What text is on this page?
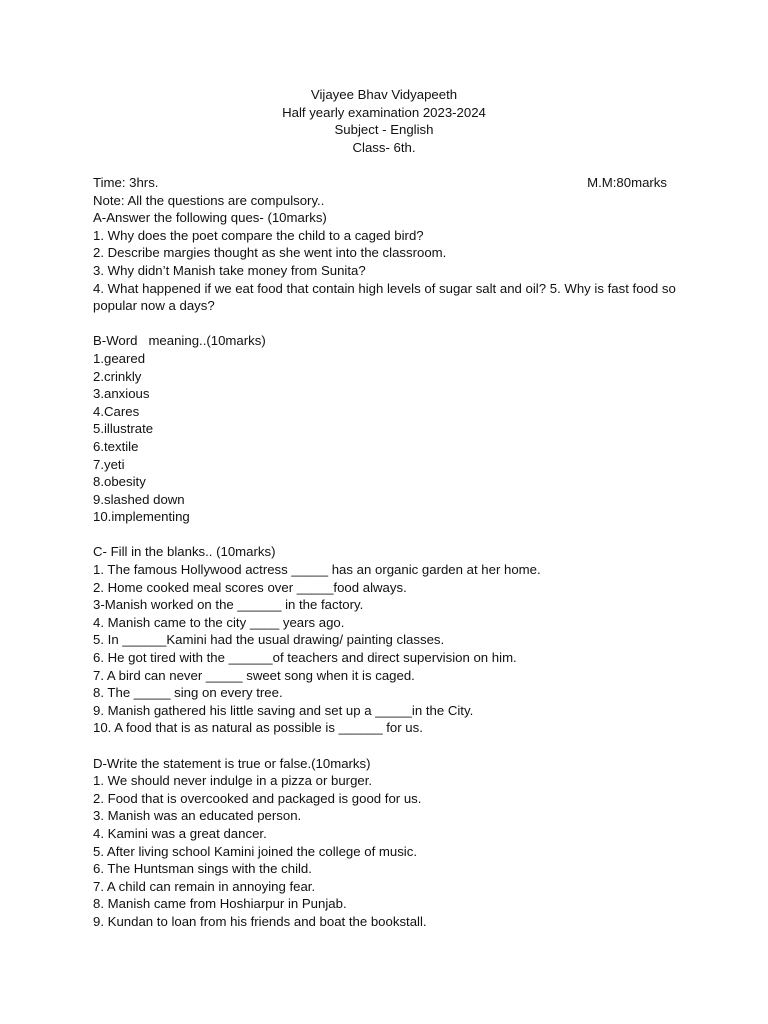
Vijayee Bhav Vidyapeeth
Half yearly examination 2023-2024
Subject - English
Class- 6th.
Time: 3hrs.	M.M:80marks
Note: All the questions are compulsory..
A-Answer the following ques- (10marks)
1. Why does the poet compare the child to a caged bird?
2. Describe margies thought as she went into the classroom.
3. Why didn’t Manish take money from Sunita?
4. What happened if we eat food that contain high levels of sugar salt and oil? 5. Why is fast food so popular now a days?
B-Word   meaning..(10marks)
1.geared
2.crinkly
3.anxious
4.Cares
5.illustrate
6.textile
7.yeti
8.obesity
9.slashed down
10.implementing
C- Fill in the blanks.. (10marks)
1. The famous Hollywood actress _____ has an organic garden at her home.
2. Home cooked meal scores over _____food always.
3-Manish worked on the ______ in the factory.
4. Manish came to the city ____ years ago.
5. In ______Kamini had the usual drawing/ painting classes.
6. He got tired with the ______of teachers and direct supervision on him.
7. A bird can never _____ sweet song when it is caged.
8. The _____ sing on every tree.
9. Manish gathered his little saving and set up a _____in the City.
10. A food that is as natural as possible is ______ for us.
D-Write the statement is true or false.(10marks)
1. We should never indulge in a pizza or burger.
2. Food that is overcooked and packaged is good for us.
3. Manish was an educated person.
4. Kamini was a great dancer.
5. After living school Kamini joined the college of music.
6. The Huntsman sings with the child.
7. A child can remain in annoying fear.
8. Manish came from Hoshiarpur in Punjab.
9. Kundan to loan from his friends and boat the bookstall.
